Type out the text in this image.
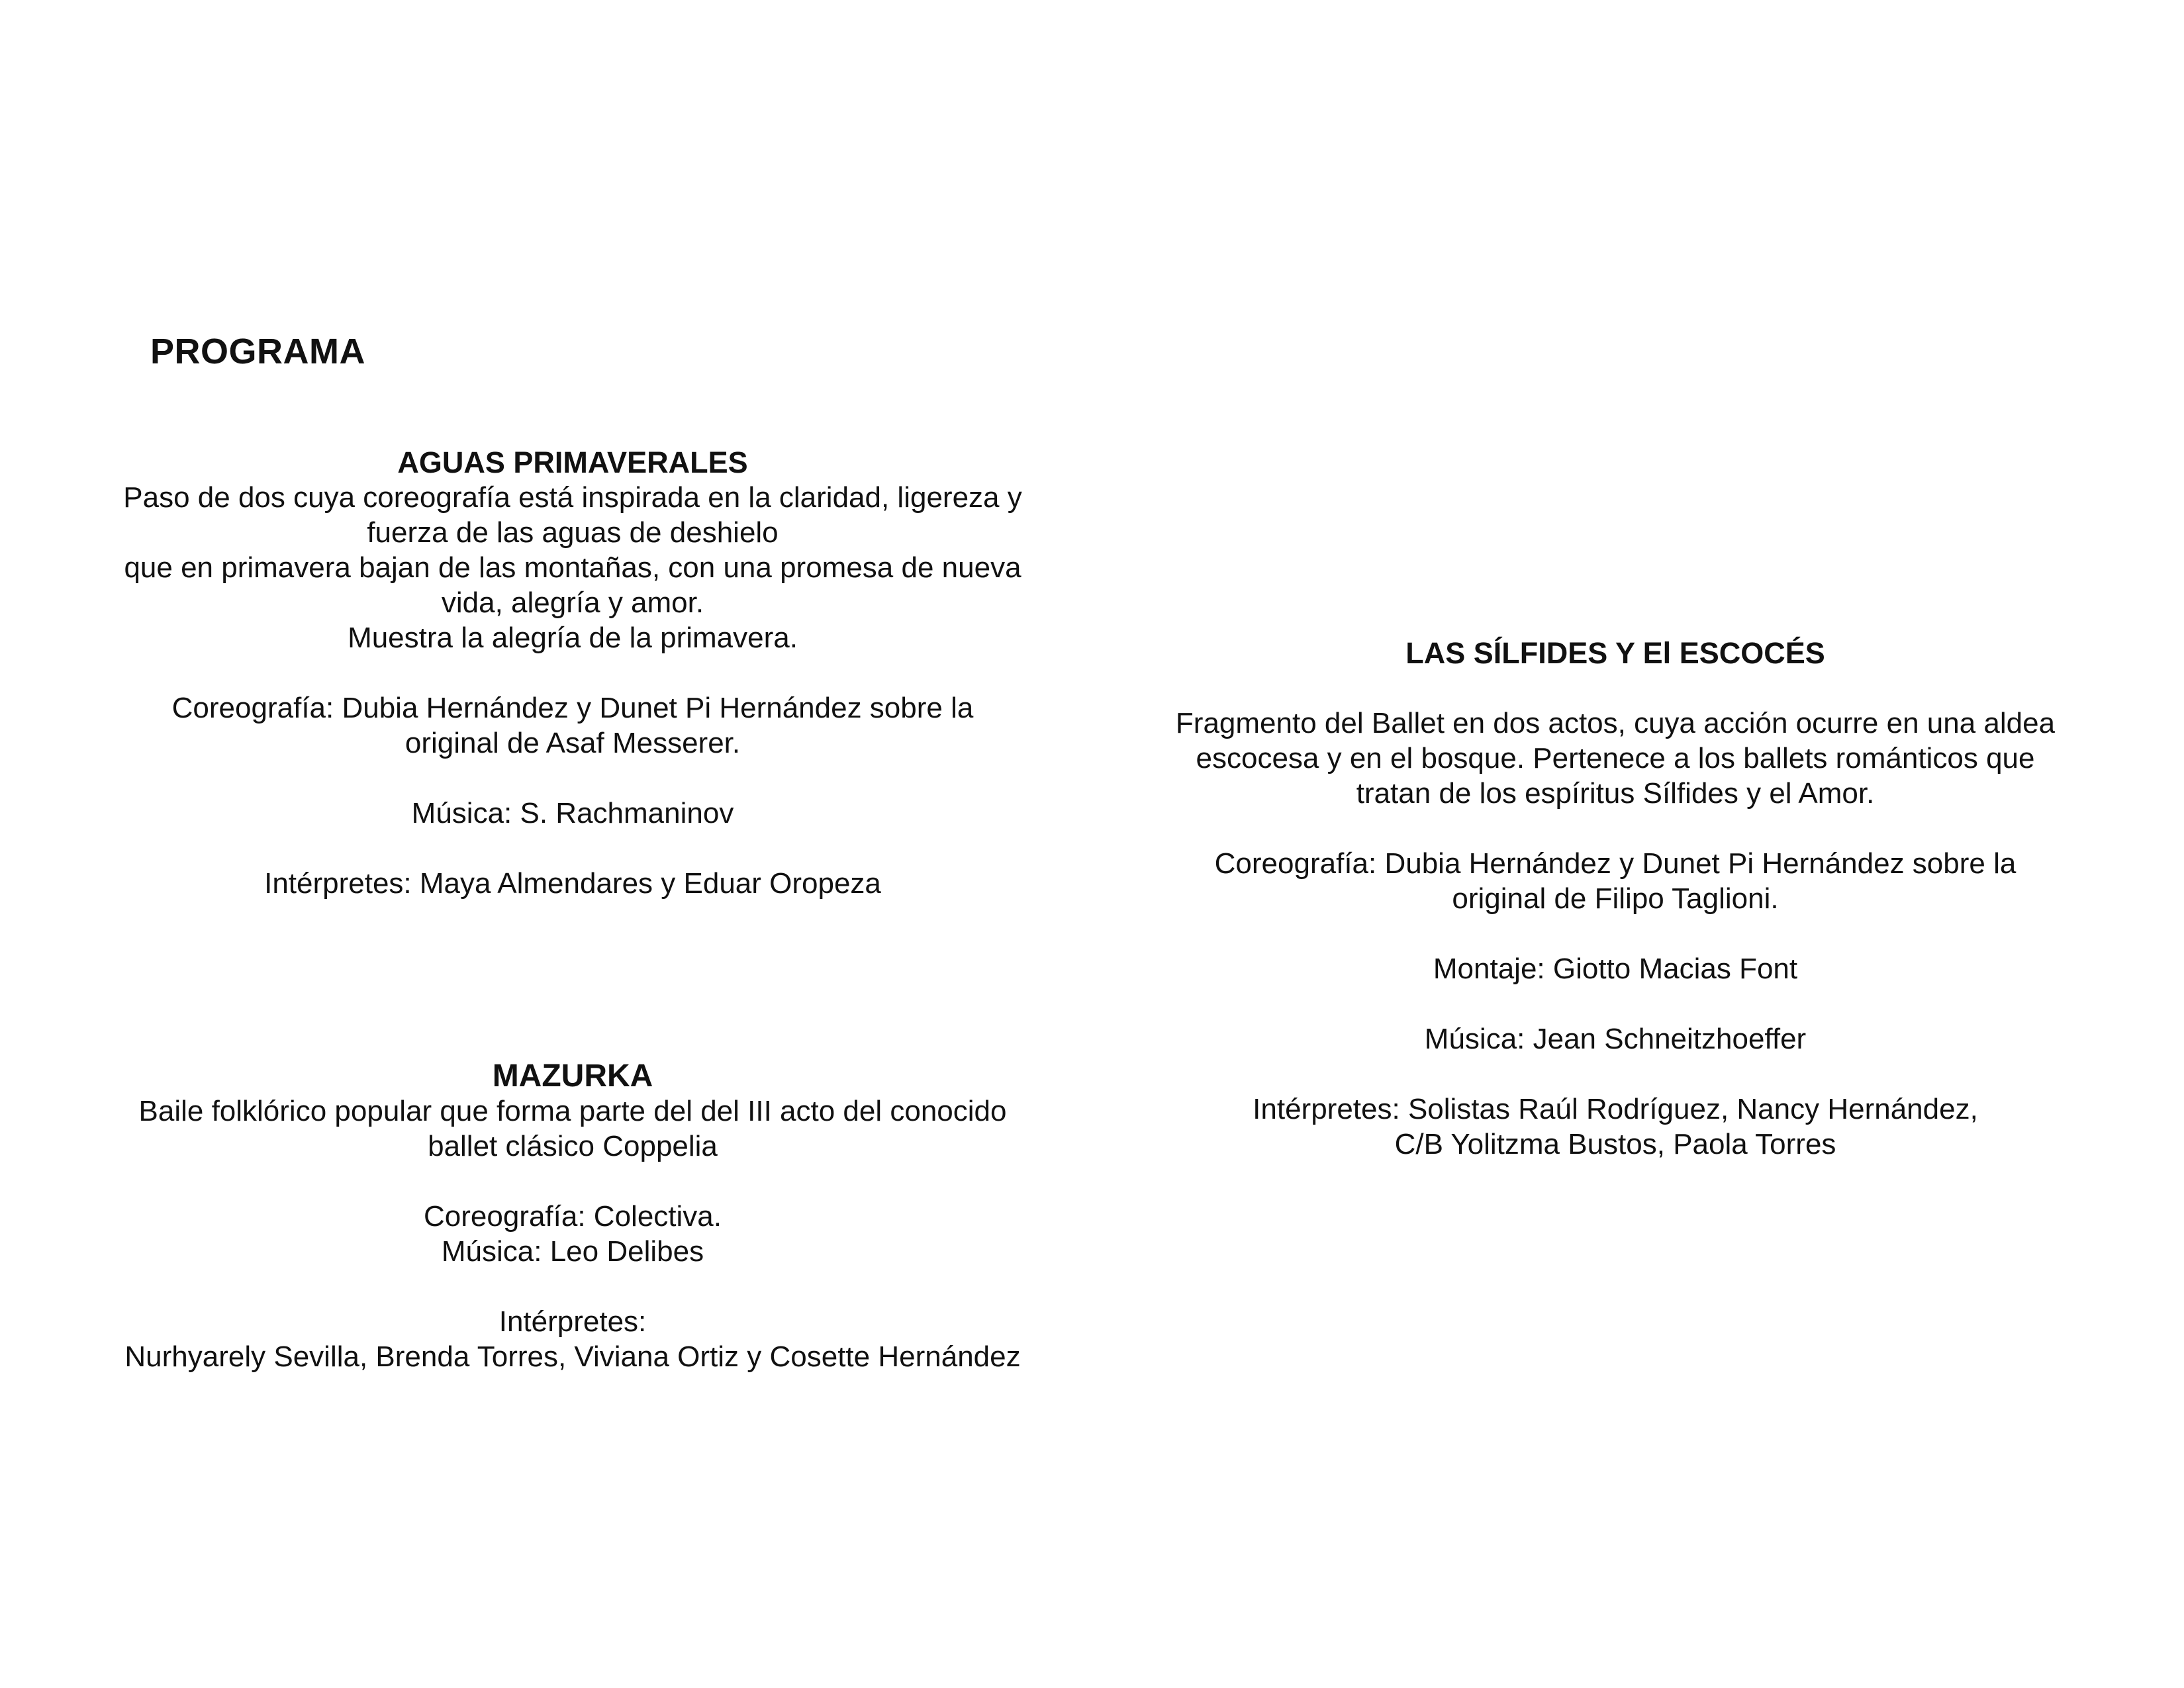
PROGRAMA
AGUAS PRIMAVERALES
Paso de dos cuya coreografía está inspirada en la claridad, ligereza y
fuerza de las aguas de deshielo
que en primavera bajan de las montañas, con una promesa de nueva
vida, alegría y amor.
Muestra la alegría de la primavera.
Coreografía: Dubia Hernández y Dunet Pi Hernández sobre la
original de Asaf Messerer.
Música: S. Rachmaninov
Intérpretes: Maya Almendares y Eduar Oropeza
MAZURKA
Baile folklórico popular que forma parte del del III acto del conocido
ballet clásico Coppelia
Coreografía: Colectiva.
Música: Leo Delibes
Intérpretes:
Nurhyarely Sevilla, Brenda Torres, Viviana Ortiz y Cosette Hernández
LAS SÍLFIDES Y El ESCOCÉS
Fragmento del Ballet en dos actos, cuya acción ocurre en una aldea
escocesa y en el bosque. Pertenece a los ballets románticos que
tratan de los espíritus Sílfides y el Amor.
Coreografía: Dubia Hernández y Dunet Pi Hernández sobre la
original de Filipo Taglioni.
Montaje: Giotto Macias Font
Música: Jean Schneitzhoeffer
Intérpretes: Solistas Raúl Rodríguez, Nancy Hernández,
C/B Yolitzma Bustos, Paola Torres
